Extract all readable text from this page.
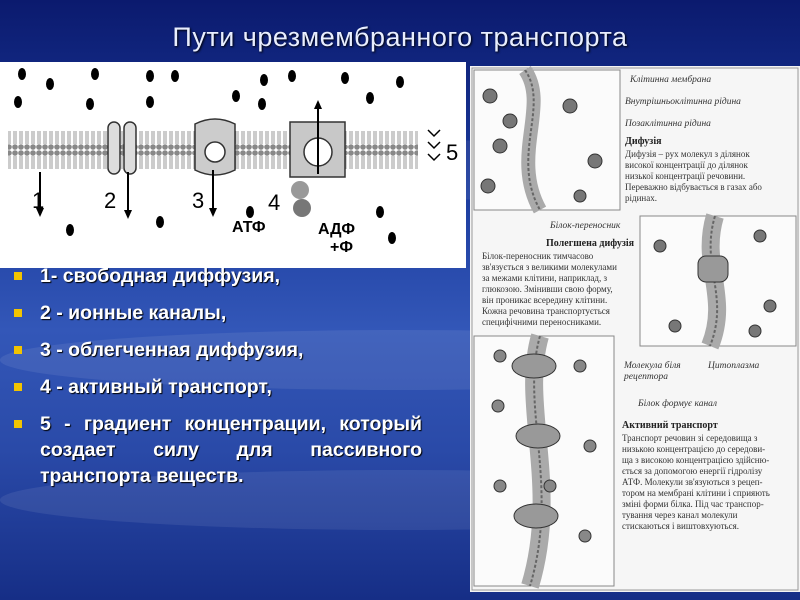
Пути чрезмембранного транспорта
1	2	3	4
5
АТФ	АДФ
+Ф
1- свободная диффузия,
2 - ионные каналы,
3 - облегченная диффузия,
4 - активный транспорт,
5 - градиент концентрации, который создает силу для пассивного транспорта веществ.
Клітинна мембрана
Внутрішньоклітинна рідина
Позаклітинна рідина
Білок-переносник
Молекула біля
рецептора
Цитоплазма
Білок формує канал
Дифузія
Дифузія – рух молекул з ділянок
високої концентрації до ділянок
низької концентрації речовини.
Переважно відбувається в газах або
рідинах.
Полегшена дифузія
Білок-переносник тимчасово
зв'язується з великими молекулами
за межами клітини, наприклад, з
глюкозою. Змінивши свою форму,
він проникає всередину клітини.
Кожна речовина транспортується
специфічними переносниками.
Активний транспорт
Транспорт речовин зі середовища з
низькою концентрацією до середови-
ща з високою концентрацією здійсню-
ється за допомогою енергії гідролізу
АТФ. Молекули зв'язуються з рецеп-
тором на мембрані клітини і сприяють
зміні форми білка. Під час транспор-
тування через канал молекули
стискаються і виштовхуються.
